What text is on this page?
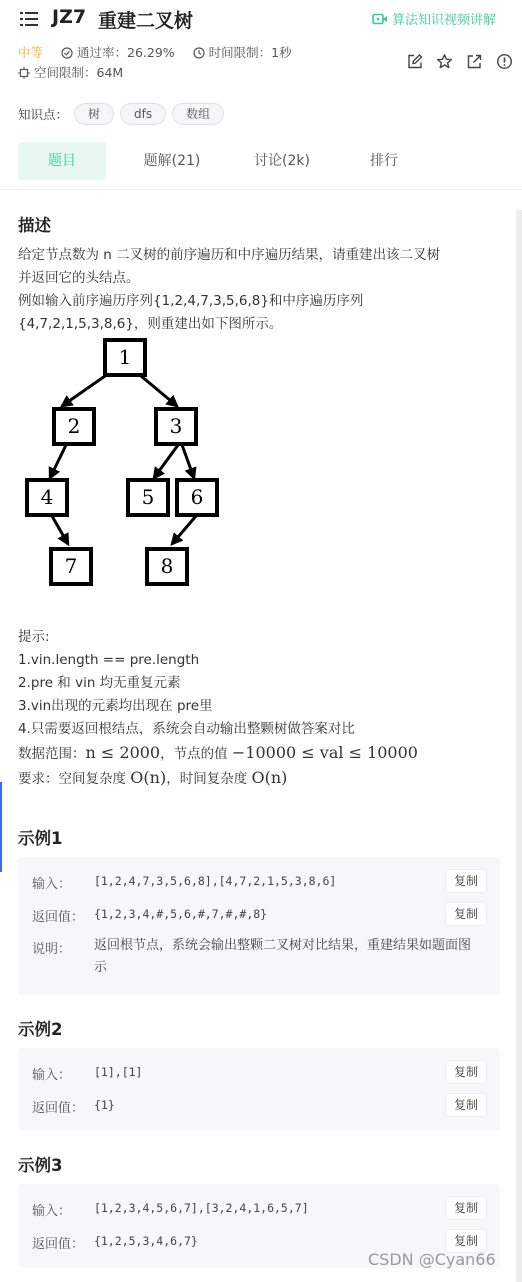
JZ7 重建二叉树	算法知识视频讲解
中等	通过率：26.29%	时间限制：1秒
空间限制：64M
知识点：	树	dfs	数组
题目	题解(21)	讨论(2k)	排行
描述
给定节点数为 n 二叉树的前序遍历和中序遍历结果，请重建出该二叉树
并返回它的头结点。
例如输入前序遍历序列{1,2,4,7,3,5,6,8}和中序遍历序列
{4,7,2,1,5,3,8,6}，则重建出如下图所示。
1
2	3
4	5 6
7	8
提示:
1.vin.length == pre.length
2.pre 和 vin 均无重复元素
3.vin出现的元素均出现在 pre里
4.只需要返回根结点，系统会自动输出整颗树做答案对比
数据范围：n ≤ 2000，节点的值 −10000 ≤ val ≤ 10000
要求：空间复杂度 O(n)，时间复杂度 O(n)
示例1
输入： [1,2,4,7,3,5,6,8],[4,7,2,1,5,3,8,6]	复制
返回值： {1,2,3,4,#,5,6,#,7,#,#,8}	复制
说明： 返回根节点，系统会输出整颗二叉树对比结果，重建结果如题面图示
示例2
输入： [1],[1]	复制
返回值： {1}	复制
示例3
输入： [1,2,3,4,5,6,7],[3,2,4,1,6,5,7]	复制
返回值： {1,2,5,3,4,6,7}	复制
CSDN @Cyan66
